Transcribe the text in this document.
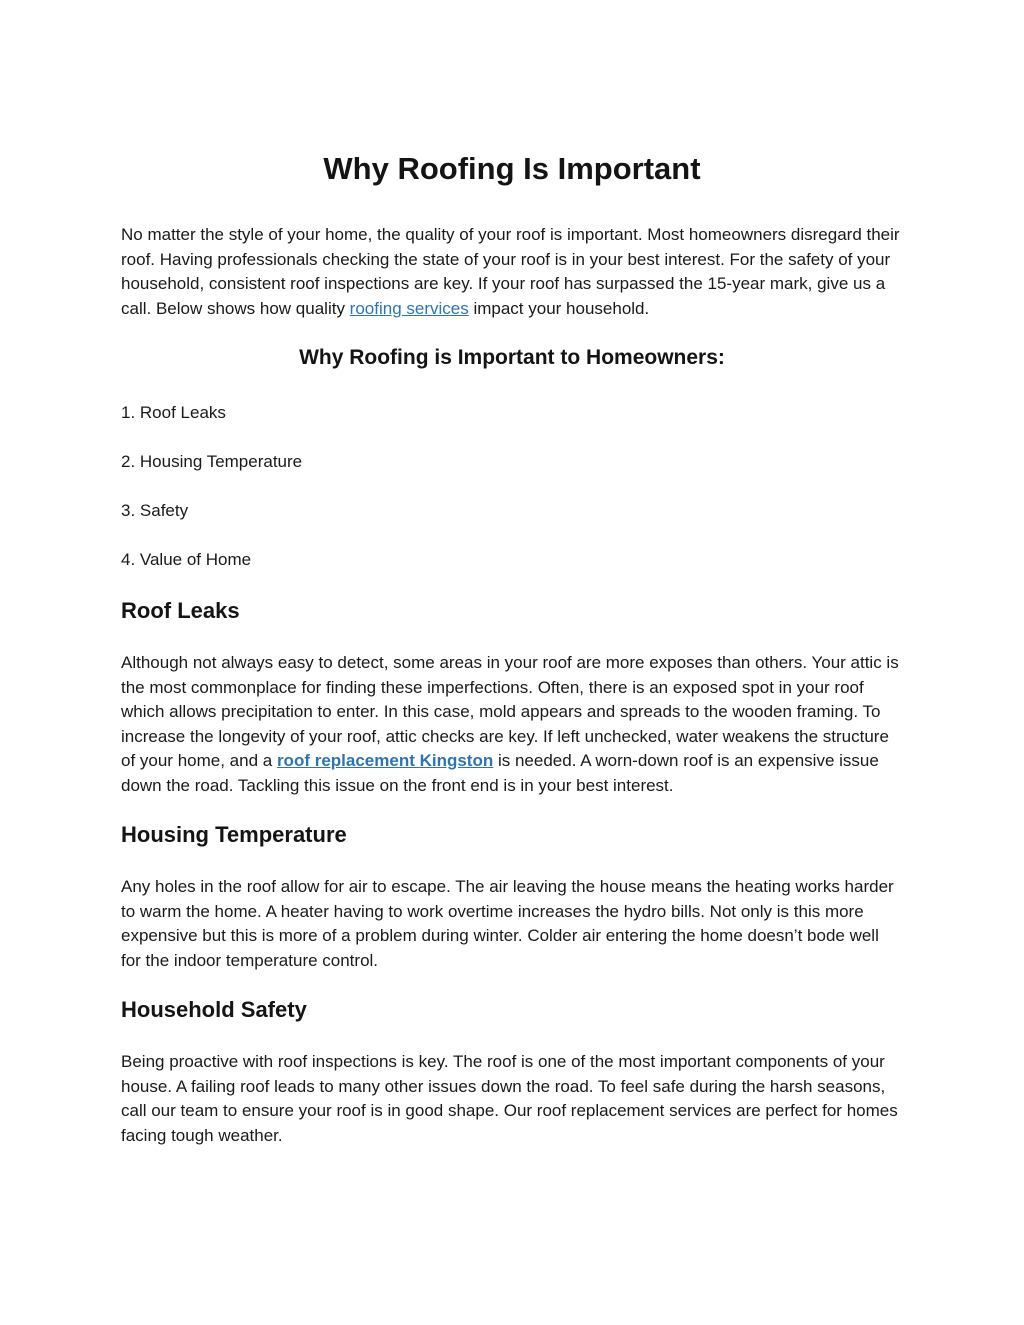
Why Roofing Is Important

No matter the style of your home, the quality of your roof is important. Most homeowners disregard their roof. Having professionals checking the state of your roof is in your best interest. For the safety of your household, consistent roof inspections are key. If your roof has surpassed the 15-year mark, give us a call. Below shows how quality roofing services impact your household.

Why Roofing is Important to Homeowners:
1. Roof Leaks
2. Housing Temperature
3. Safety
4. Value of Home
Roof Leaks

Although not always easy to detect, some areas in your roof are more exposes than others. Your attic is the most commonplace for finding these imperfections. Often, there is an exposed spot in your roof which allows precipitation to enter. In this case, mold appears and spreads to the wooden framing. To increase the longevity of your roof, attic checks are key. If left unchecked, water weakens the structure of your home, and a roof replacement Kingston is needed. A worn-down roof is an expensive issue down the road. Tackling this issue on the front end is in your best interest.

Housing Temperature

Any holes in the roof allow for air to escape. The air leaving the house means the heating works harder to warm the home. A heater having to work overtime increases the hydro bills. Not only is this more expensive but this is more of a problem during winter. Colder air entering the home doesn’t bode well for the indoor temperature control.

Household Safety

Being proactive with roof inspections is key. The roof is one of the most important components of your house. A failing roof leads to many other issues down the road. To feel safe during the harsh seasons, call our team to ensure your roof is in good shape. Our roof replacement services are perfect for homes facing tough weather.
